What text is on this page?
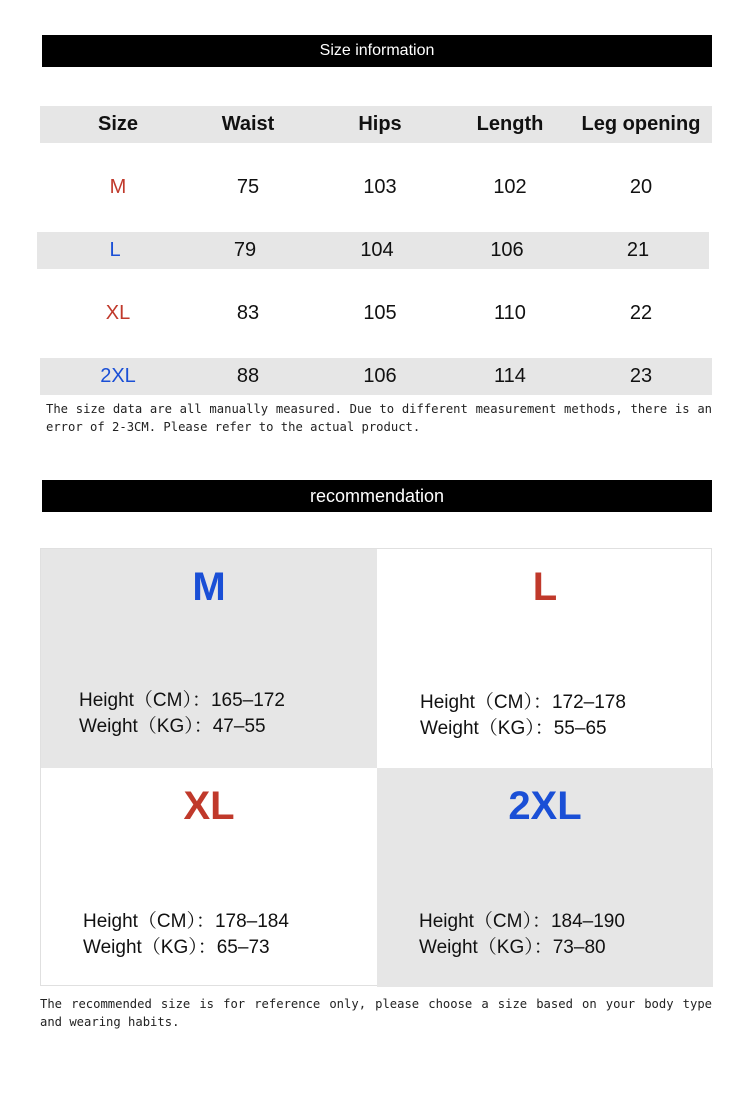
Size information
Size	Waist	Hips	Length	Leg opening
M	75	103	102	20
L	79	104	106	21
XL	83	105	110	22
2XL	88	106	114	23
The size data are all manually measured. Due to different measurement methods, there is an error of 2-3CM. Please refer to the actual product.
recommendation
M
Height（CM）：165–172
Weight（KG）：47–55
L
Height（CM）：172–178
Weight（KG）：55–65
XL
Height（CM）：178–184
Weight（KG）：65–73
2XL
Height（CM）：184–190
Weight（KG）：73–80
The recommended size is for reference only, please choose a size based on your body type and wearing habits.
